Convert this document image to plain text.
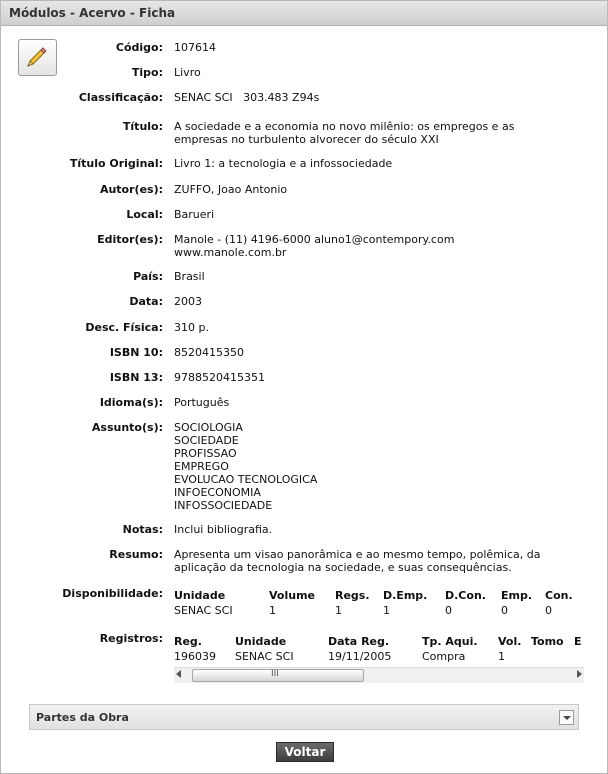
Módulos - Acervo - Ficha
Código: 107614
Tipo: Livro
Classificação: SENAC SCI   303.483 Z94s
Título: A sociedade e a economia no novo milênio: os empregos e as empresas no turbulento alvorecer do século XXI
Título Original: Livro 1: a tecnologia e a infossociedade
Autor(es): ZUFFO, Joao Antonio
Local: Barueri
Editor(es): Manole - (11) 4196-6000 aluno1@contempory.com
www.manole.com.br
País: Brasil
Data: 2003
Desc. Física: 310 p.
ISBN 10: 8520415350
ISBN 13: 9788520415351
Idioma(s): Português
Assunto(s): SOCIOLOGIA
SOCIEDADE
PROFISSAO
EMPREGO
EVOLUCAO TECNOLOGICA
INFOECONOMIA
INFOSSOCIEDADE
Notas: Inclui bibliografia.
Resumo: Apresenta um visao panorâmica e ao mesmo tempo, polêmica, da aplicação da tecnologia na sociedade, e suas consequências.
Disponibilidade: Unidade	Volume	Regs.	D.Emp.	D.Con.	Emp.	Con.
SENAC SCI	1	1	1	0	0	0
Registros: Reg.	Unidade	Data Reg.	Tp. Aqui.	Vol.	Tomo	E
196039	SENAC SCI	19/11/2005	Compra	1		
III
Partes da Obra
Voltar
